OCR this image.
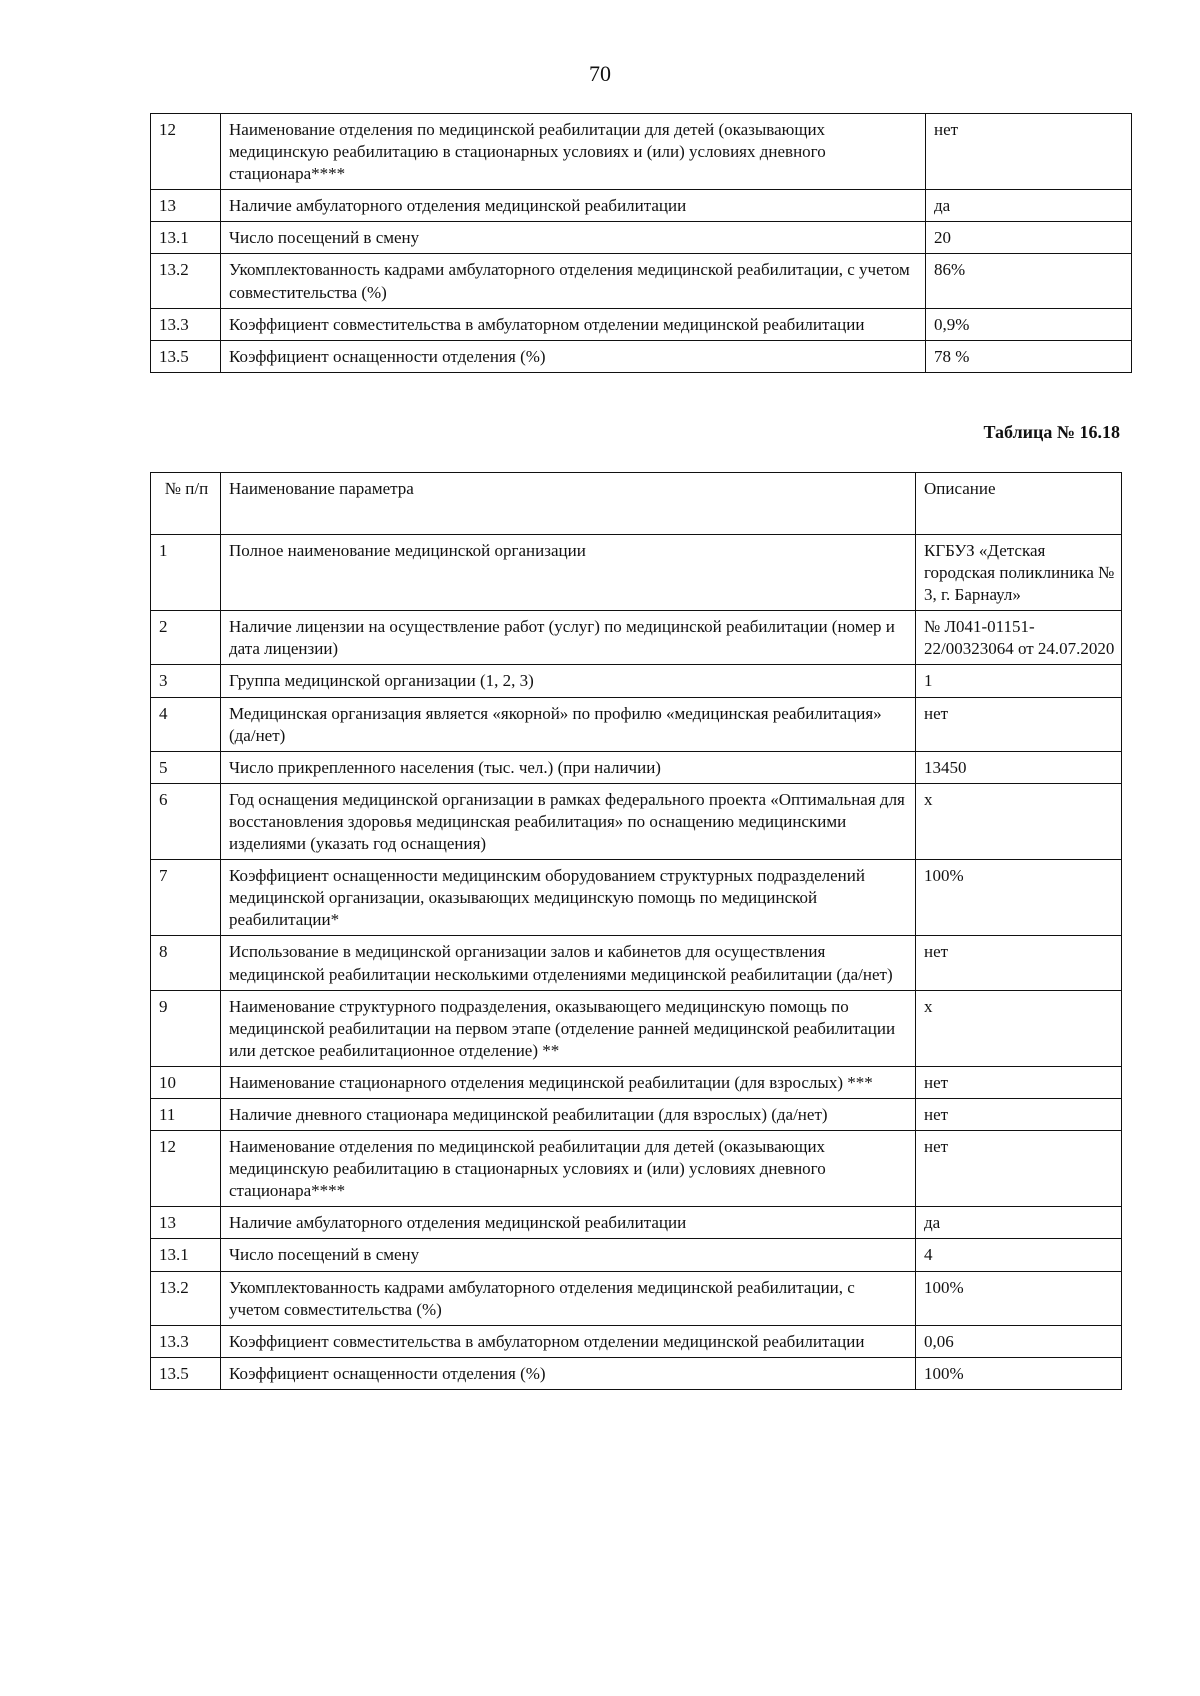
70
12	Наименование отделения по медицинской реабилитации для детей (оказывающих медицинскую реабилитацию в стационарных условиях и (или) условиях дневного стационара****	нет
13	Наличие амбулаторного отделения медицинской реабилитации	да
13.1	Число посещений в смену	20
13.2	Укомплектованность кадрами амбулаторного отделения медицинской реабилитации, с учетом совместительства (%)	86%
13.3	Коэффициент совместительства в амбулаторном отделении медицинской реабилитации	0,9%
13.5	Коэффициент оснащенности отделения (%)	78 %
Таблица № 16.18
№ п/п	Наименование параметра	Описание
1	Полное наименование медицинской организации	КГБУЗ «Детская городская поликлиника № 3, г. Барнаул»
2	Наличие лицензии на осуществление работ (услуг) по медицинской реабилитации (номер и дата лицензии)	№ Л041-01151-22/00323064 от 24.07.2020
3	Группа медицинской организации (1, 2, 3)	1
4	Медицинская организация является «якорной» по профилю «медицинская реабилитация» (да/нет)	нет
5	Число прикрепленного населения (тыс. чел.) (при наличии)	13450
6	Год оснащения медицинской организации в рамках федерального проекта «Оптимальная для восстановления здоровья медицинская реабилитация» по оснащению медицинскими изделиями (указать год оснащения)	х
7	Коэффициент оснащенности медицинским оборудованием структурных подразделений медицинской организации, оказывающих медицинскую помощь по медицинской реабилитации*	100%
8	Использование в медицинской организации залов и кабинетов для осуществления медицинской реабилитации несколькими отделениями медицинской реабилитации (да/нет)	нет
9	Наименование структурного подразделения, оказывающего медицинскую помощь по медицинской реабилитации на первом этапе (отделение ранней медицинской реабилитации или детское реабилитационное отделение) **	х
10	Наименование стационарного отделения медицинской реабилитации (для взрослых) ***	нет
11	Наличие дневного стационара медицинской реабилитации (для взрослых) (да/нет)	нет
12	Наименование отделения по медицинской реабилитации для детей (оказывающих медицинскую реабилитацию в стационарных условиях и (или) условиях дневного стационара****	нет
13	Наличие амбулаторного отделения медицинской реабилитации	да
13.1	Число посещений в смену	4
13.2	Укомплектованность кадрами амбулаторного отделения медицинской реабилитации, с учетом совместительства (%)	100%
13.3	Коэффициент совместительства в амбулаторном отделении медицинской реабилитации	0,06
13.5	Коэффициент оснащенности отделения (%)	100%
